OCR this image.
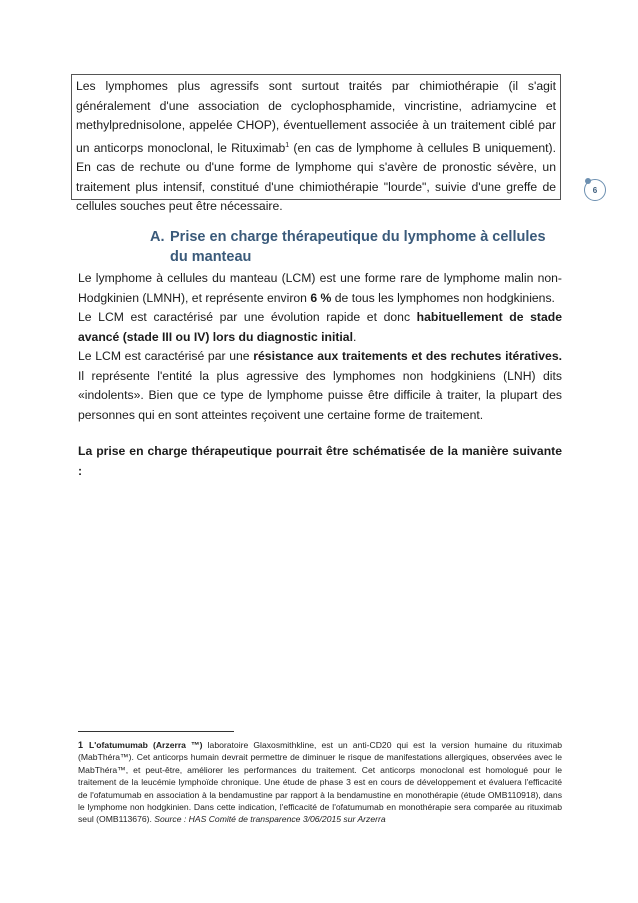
Les lymphomes plus agressifs sont surtout traités par chimiothérapie (il s'agit généralement d'une association de cyclophosphamide, vincristine, adriamycine et methylprednisolone, appelée CHOP), éventuellement associée à un traitement ciblé par un anticorps monoclonal, le Rituximab$^1$ (en cas de lymphome à cellules B uniquement). En cas de rechute ou d'une forme de lymphome qui s'avère de pronostic sévère, un traitement plus intensif, constitué d'une chimiothérapie "lourde", suivie d'une greffe de cellules souches peut être nécessaire.

6
A. Prise en charge thérapeutique du lymphome à cellules
du manteau

Le lymphome à cellules du manteau (LCM) est une forme rare de lymphome malin non-Hodgkinien (LMNH), et représente environ 6 % de tous les lymphomes non hodgkiniens.

Le LCM est caractérisé par une évolution rapide et donc habituellement de stade avancé (stade III ou IV) lors du diagnostic initial.

Le LCM est caractérisé par une résistance aux traitements et des rechutes itératives. Il représente l'entité la plus agressive des lymphomes non hodgkiniens (LNH) dits «indolents». Bien que ce type de lymphome puisse être difficile à traiter, la plupart des personnes qui en sont atteintes reçoivent une certaine forme de traitement.

La prise en charge thérapeutique pourrait être schématisée de la manière suivante :

1 L'ofatumumab (Arzerra ™) laboratoire Glaxosmithkline, est un anti-CD20 qui est la version humaine du rituximab (MabThéra™). Cet anticorps humain devrait permettre de diminuer le risque de manifestations allergiques, observées avec le MabThéra™, et peut-être, améliorer les performances du traitement. Cet anticorps monoclonal est homologué pour le traitement de la leucémie lymphoïde chronique. Une étude de phase 3 est en cours de développement et évaluera l'efficacité de l'ofatumumab en association à la bendamustine par rapport à la bendamustine en monothérapie (étude OMB110918), dans le lymphome non hodgkinien. Dans cette indication, l'efficacité de l'ofatumumab en monothérapie sera comparée au rituximab seul (OMB113676). Source : HAS Comité de transparence 3/06/2015 sur Arzerra
